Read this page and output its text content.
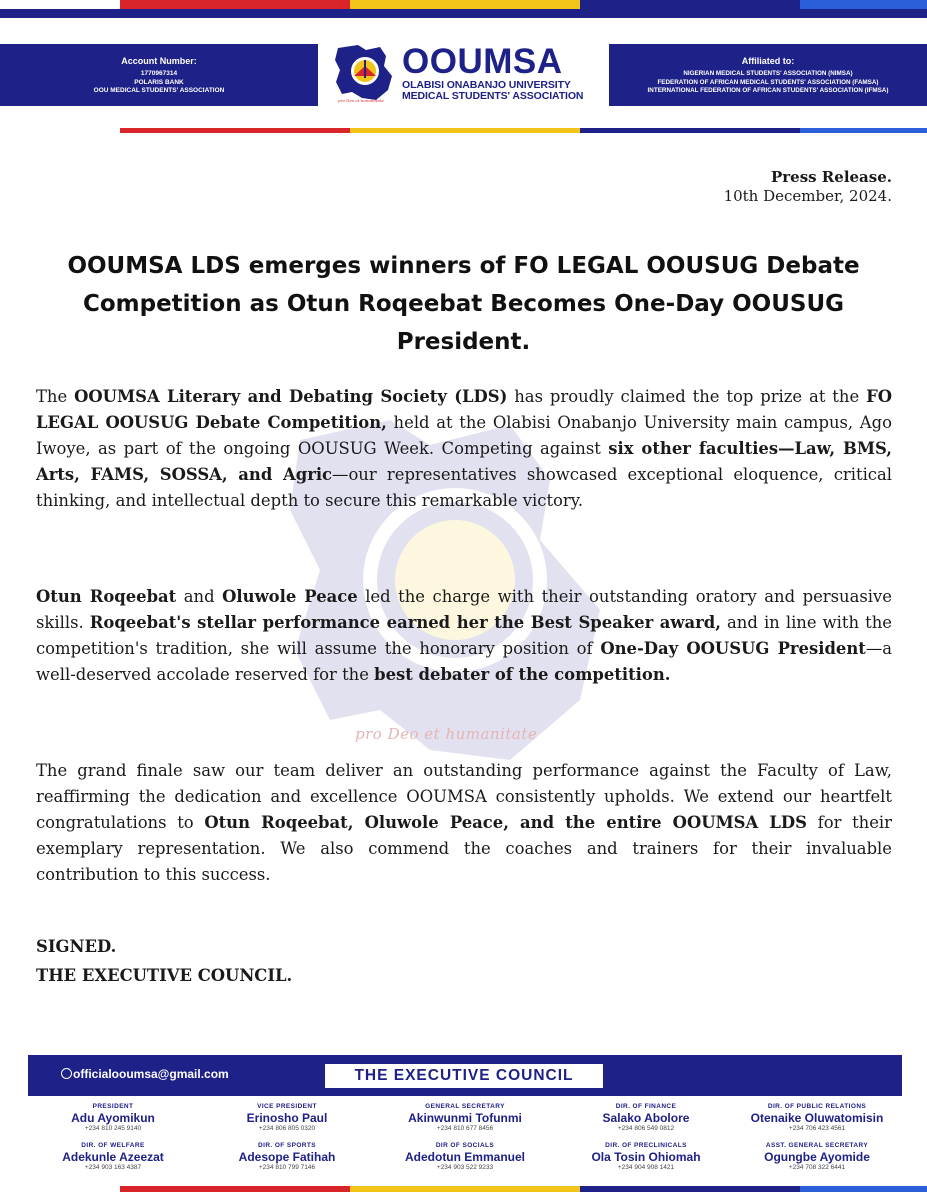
Account Number:
1770967314
POLARIS BANK
OOU MEDICAL STUDENTS' ASSOCIATION
pro Deo et humanitate
OOUMSA
OLABISI ONABANJO UNIVERSITY
MEDICAL STUDENTS' ASSOCIATION
Affiliated to:
NIGERIAN MEDICAL STUDENTS' ASSOCIATION (NIMSA)
FEDERATION OF AFRICAN MEDICAL STUDENTS' ASSOCIATION (FAMSA)
INTERNATIONAL FEDERATION OF AFRICAN STUDENTS' ASSOCIATION (IFMSA)
pro Deo et humanitate
Press Release.
10th December, 2024.
OOUMSA LDS emerges winners of FO LEGAL OOUSUG Debate Competition as Otun Roqeebat Becomes One-Day OOUSUG President.
The OOUMSA Literary and Debating Society (LDS) has proudly claimed the top prize at the FO LEGAL OOUSUG Debate Competition, held at the Olabisi Onabanjo University main campus, Ago Iwoye, as part of the ongoing OOUSUG Week. Competing against six other faculties—Law, BMS, Arts, FAMS, SOSSA, and Agric—our representatives showcased exceptional eloquence, critical thinking, and intellectual depth to secure this remarkable victory.
Otun Roqeebat and Oluwole Peace led the charge with their outstanding oratory and persuasive skills. Roqeebat's stellar performance earned her the Best Speaker award, and in line with the competition's tradition, she will assume the honorary position of One-Day OOUSUG President—a well-deserved accolade reserved for the best debater of the competition.
The grand finale saw our team deliver an outstanding performance against the Faculty of Law, reaffirming the dedication and excellence OOUMSA consistently upholds. We extend our heartfelt congratulations to Otun Roqeebat, Oluwole Peace, and the entire OOUMSA LDS for their exemplary representation. We also commend the coaches and trainers for their invaluable contribution to this success.
SIGNED.
THE EXECUTIVE COUNCIL.
officialooumsa@gmail.com	THE EXECUTIVE COUNCIL
PRESIDENT
Adu Ayomikun
+234 810 245 9140
VICE PRESIDENT
Erinosho Paul
+234 806 805 0320
GENERAL SECRETARY
Akinwunmi Tofunmi
+234 810 677 8456
DIR. OF FINANCE
Salako Abolore
+234 806 549 0812
DIR. OF PUBLIC RELATIONS
Otenaike Oluwatomisin
+234 706 423 4561
DIR. OF WELFARE
Adekunle Azeezat
+234 903 163 4387
DIR. OF SPORTS
Adesope Fatihah
+234 810 799 7146
DIR OF SOCIALS
Adedotun Emmanuel
+234 903 522 9233
DIR. OF PRECLINICALS
Ola Tosin Ohiomah
+234 904 908 1421
ASST. GENERAL SECRETARY
Ogungbe Ayomide
+234 708 322 6441
